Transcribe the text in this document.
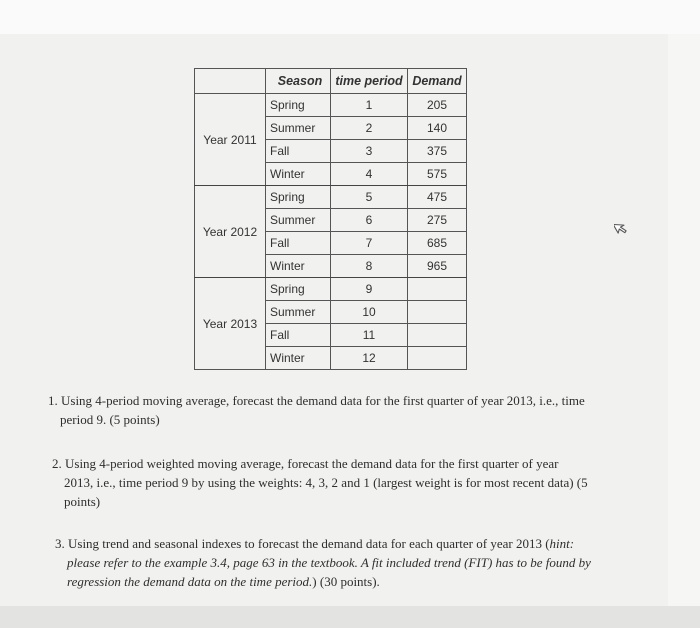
	Season	time period	Demand
Year 2011	Spring	1	205
	Summer	2	140
	Fall	3	375
	Winter	4	575
Year 2012	Spring	5	475
	Summer	6	275
	Fall	7	685
	Winter	8	965
Year 2013	Spring	9	
	Summer	10	
	Fall	11	
	Winter	12	
1. Using 4-period moving average, forecast the demand data for the first quarter of year 2013, i.e., time
period 9. (5 points)
2. Using 4-period weighted moving average, forecast the demand data for the first quarter of year
2013, i.e., time period 9 by using the weights: 4, 3, 2 and 1 (largest weight is for most recent data) (5
points)
3. Using trend and seasonal indexes to forecast the demand data for each quarter of year 2013 (hint:
please refer to the example 3.4, page 63 in the textbook. A fit included trend (FIT) has to be found by
regression the demand data on the time period.) (30 points).
